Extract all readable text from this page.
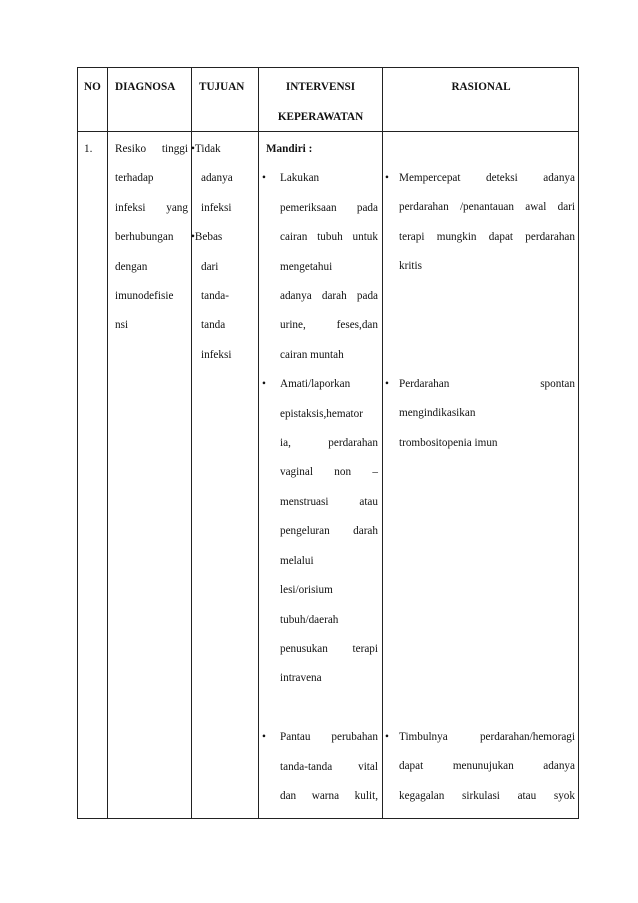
NO DIAGNOSA TUJUAN	INTERVENSI
KEPERAWATAN
RASIONAL
1. Resiko tinggi

terhadap

infeksi yang

berhubungan

dengan

imunodefisie

nsi

•Tidak

adanya

infeksi

•Bebas

dari

tanda-

tanda

infeksi

Mandiri :

• Lakukan

pemeriksaan pada

cairan tubuh untuk

mengetahui

adanya darah pada

urine, feses,dan

cairan muntah

• Amati/laporkan

epistaksis,hemator

ia, perdarahan

vaginal non –

menstruasi atau

pengeluran darah

melalui

lesi/orisium

tubuh/daerah

penusukan terapi

intravena

• Pantau perubahan

tanda-tanda vital

dan warna kulit,

• Mempercepat deteksi adanya

perdarahan /penantauan awal dari

terapi mungkin dapat perdarahan

kritis

• Perdarahan spontan

mengindikasikan

trombositopenia imun

• Timbulnya perdarahan/hemoragi

dapat menunujukan adanya

kegagalan sirkulasi atau syok
